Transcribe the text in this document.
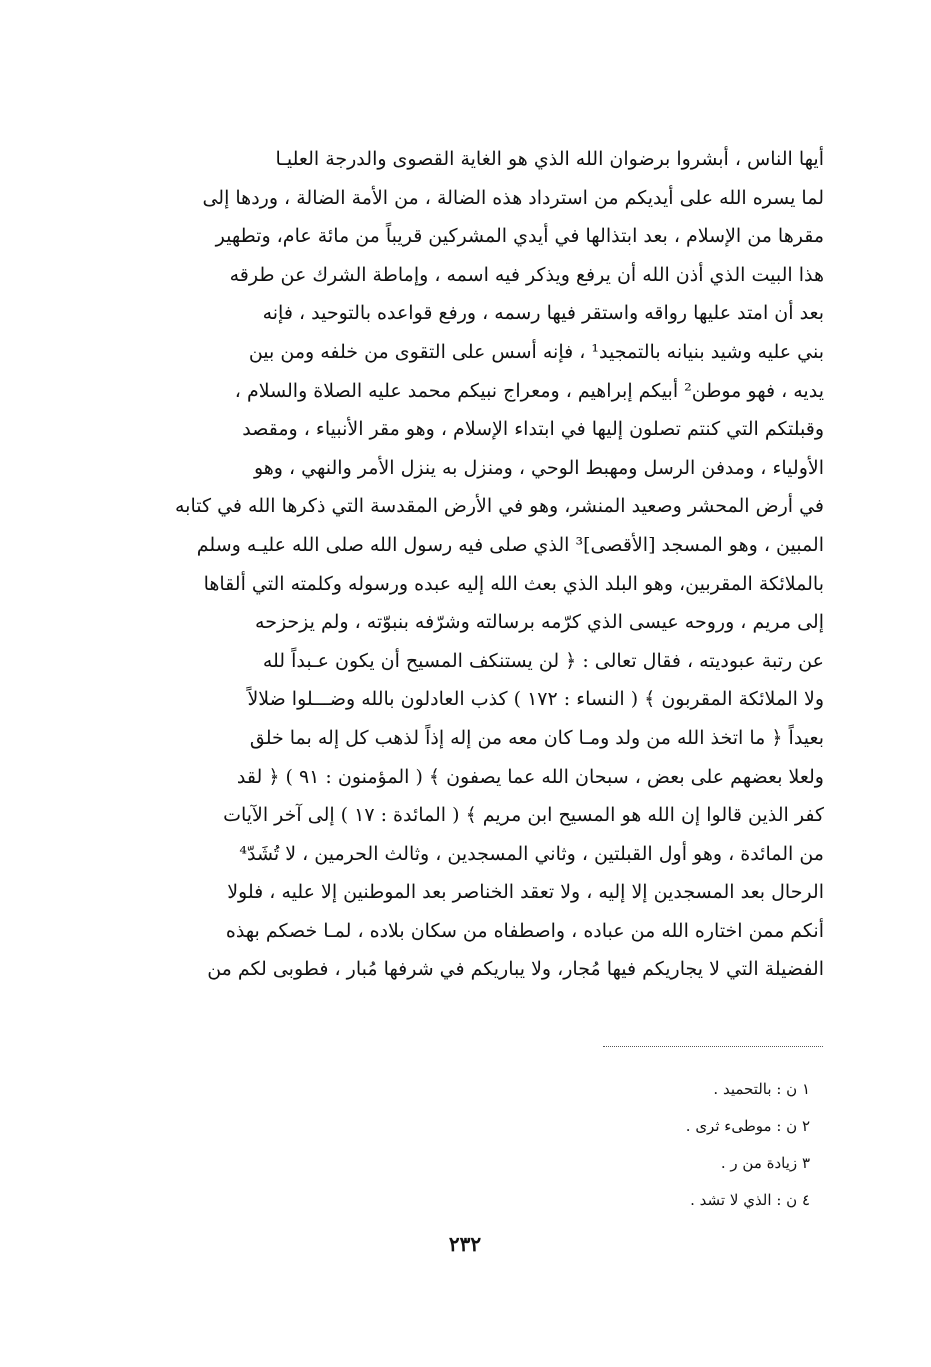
أيها الناس ، أبشروا برضوان الله الذي هو الغاية القصوى والدرجة العليـا
لما يسره الله على أيديكم من استرداد هذه الضالة ، من الأمة الضالة ، وردها إلى
مقرها من الإسلام ، بعد ابتذالها في أيدي المشركين قريباً من مائة عام، وتطهير
هذا البيت الذي أذن الله أن يرفع ويذكر فيه اسمه ، وإماطة الشرك عن طرقه
بعد أن امتد عليها رواقه واستقر فيها رسمه ، ورفع قواعده بالتوحيد ، فإنه
بني عليه وشيد بنيانه بالتمجيد¹ ، فإنه أسس على التقوى من خلفه ومن بين
يديه ، فهو موطن² أبيكم إبراهيم ، ومعراج نبيكم محمد عليه الصلاة والسلام ،
وقبلتكم التي كنتم تصلون إليها في ابتداء الإسلام ، وهو مقر الأنبياء ، ومقصد
الأولياء ، ومدفن الرسل ومهبط الوحي ، ومنزل به ينزل الأمر والنهي ، وهو
في أرض المحشر وصعيد المنشر، وهو في الأرض المقدسة التي ذكرها الله في كتابه
المبين ، وهو المسجد [الأقصى]³ الذي صلى فيه رسول الله صلى الله عليـه وسلم
بالملائكة المقربين، وهو البلد الذي بعث الله إليه عبده ورسوله وكلمته التي ألقاها
إلى مريم ، وروحه عيسى الذي كرّمه برسالته وشرّفه بنبوّته ، ولم يزحزحه
عن رتبة عبوديته ، فقال تعالى : ﴿ لن يستنكف المسيح أن يكون عـبداً لله
ولا الملائكة المقربون ﴾ ( النساء : ١٧٢ ) كذب العادلون بالله وضـــلوا ضلالاً
بعيداً ﴿ ما اتخذ الله من ولد ومـا كان معه من إله إذاً لذهب كل إله بما خلق
ولعلا بعضهم على بعض ، سبحان الله عما يصفون ﴾ ( المؤمنون : ٩١ ) ﴿ لقد
كفر الذين قالوا إن الله هو المسيح ابن مريم ﴾ ( المائدة : ١٧ ) إلى آخر الآيات
من المائدة ، وهو أول القبلتين ، وثاني المسجدين ، وثالث الحرمين ، لا تُشَدّ⁴
الرحال بعد المسجدين إلا إليه ، ولا تعقد الخناصر بعد الموطنين إلا عليه ، فلولا
أنكم ممن اختاره الله من عباده ، واصطفاه من سكان بلاده ، لمـا خصكم بهذه
الفضيلة التي لا يجاريكم فيها مُجار، ولا يباريكم في شرفها مُبار ، فطوبى لكم من
١ ن : بالتحميد .
٢ ن : موطىء ثرى .
٣ زيادة من ر .
٤ ن : الذي لا تشد .
٢٣٢
